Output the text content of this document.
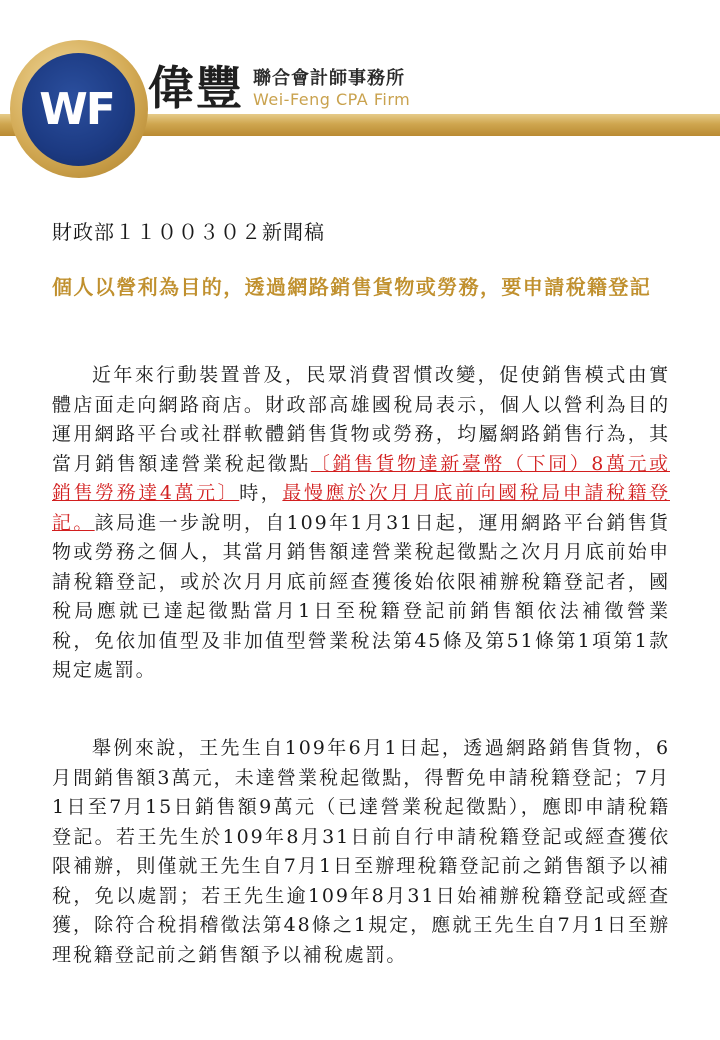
WF 偉豐 聯合會計師事務所
Wei-Feng CPA Firm
財政部１１００３０２新聞稿
個人以營利為目的，透過網路銷售貨物或勞務，要申請稅籍登記
近年來行動裝置普及，民眾消費習慣改變，促使銷售模式由實體店面走向網路商店。財政部高雄國稅局表示，個人以營利為目的運用網路平台或社群軟體銷售貨物或勞務，均屬網路銷售行為，其當月銷售額達營業稅起徵點〔銷售貨物達新臺幣（下同）8萬元或銷售勞務達4萬元〕時，最慢應於次月月底前向國稅局申請稅籍登記。該局進一步說明，自109年1月31日起，運用網路平台銷售貨物或勞務之個人，其當月銷售額達營業稅起徵點之次月月底前始申請稅籍登記，或於次月月底前經查獲後始依限補辦稅籍登記者，國稅局應就已達起徵點當月1日至稅籍登記前銷售額依法補徵營業稅，免依加值型及非加值型營業稅法第45條及第51條第1項第1款規定處罰。
舉例來說，王先生自109年6月1日起，透過網路銷售貨物，6月間銷售額3萬元，未達營業稅起徵點，得暫免申請稅籍登記；7月1日至7月15日銷售額9萬元（已達營業稅起徵點），應即申請稅籍登記。若王先生於109年8月31日前自行申請稅籍登記或經查獲依限補辦，則僅就王先生自7月1日至辦理稅籍登記前之銷售額予以補稅，免以處罰；若王先生逾109年8月31日始補辦稅籍登記或經查獲，除符合稅捐稽徵法第48條之1規定，應就王先生自7月1日至辦理稅籍登記前之銷售額予以補稅處罰。
